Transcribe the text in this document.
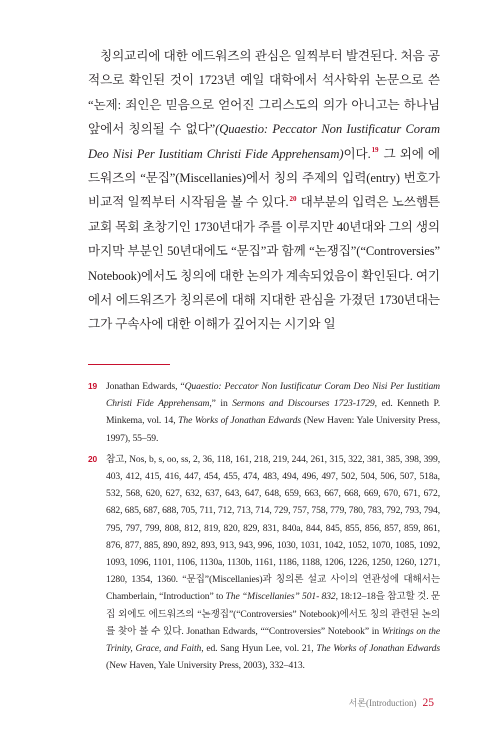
칭의교리에 대한 에드워즈의 관심은 일찍부터 발견된다. 처음 공적으로 확인된 것이 1723년 예일 대학에서 석사학위 논문으로 쓴 “논제: 죄인은 믿음으로 얻어진 그리스도의 의가 아니고는 하나님 앞에서 칭의될 수 없다”(Quaestio: Peccator Non Iustificatur Coram Deo Nisi Per Iustitiam Christi Fide Apprehensam)이다.$^{19}$ 그 외에 에드워즈의 “문집”(Miscellanies)에서 칭의 주제의 입력(entry) 번호가 비교적 일찍부터 시작됨을 볼 수 있다.$^{20}$ 대부분의 입력은 노쓰햄튼 교회 목회 초창기인 1730년대가 주를 이루지만 40년대와 그의 생의 마지막 부분인 50년대에도 “문집”과 함께 “논쟁집”(“Controversies” Notebook)에서도 칭의에 대한 논의가 계속되었음이 확인된다. 여기에서 에드워즈가 칭의론에 대해 지대한 관심을 가졌던 1730년대는 그가 구속사에 대한 이해가 깊어지는 시기와 일

19 Jonathan Edwards, “Quaestio: Peccator Non Iustificatur Coram Deo Nisi Per Iustitiam Christi Fide Apprehensam,” in Sermons and Discourses 1723-1729, ed. Kenneth P. Minkema, vol. 14, The Works of Jonathan Edwards (New Haven: Yale University Press, 1997), 55–59.
20 참고, Nos, b, s, oo, ss, 2, 36, 118, 161, 218, 219, 244, 261, 315, 322, 381, 385, 398, 399, 403, 412, 415, 416, 447, 454, 455, 474, 483, 494, 496, 497, 502, 504, 506, 507, 518a, 532, 568, 620, 627, 632, 637, 643, 647, 648, 659, 663, 667, 668, 669, 670, 671, 672, 682, 685, 687, 688, 705, 711, 712, 713, 714, 729, 757, 758, 779, 780, 783, 792, 793, 794, 795, 797, 799, 808, 812, 819, 820, 829, 831, 840a, 844, 845, 855, 856, 857, 859, 861, 876, 877, 885, 890, 892, 893, 913, 943, 996, 1030, 1031, 1042, 1052, 1070, 1085, 1092, 1093, 1096, 1101, 1106, 1130a, 1130b, 1161, 1186, 1188, 1206, 1226, 1250, 1260, 1271, 1280, 1354, 1360. “문집”(Miscellanies)과 칭의론 설교 사이의 연관성에 대해서는 Chamberlain, “Introduction” to The “Miscellanies” 501- 832, 18:12–18을 참고할 것. 문집 외에도 에드워즈의 “논쟁집”(“Controversies” Notebook)에서도 칭의 관련된 논의를 찾아 볼 수 있다. Jonathan Edwards, ““Controversies” Notebook” in Writings on the Trinity, Grace, and Faith, ed. Sang Hyun Lee, vol. 21, The Works of Jonathan Edwards (New Haven, Yale University Press, 2003), 332–413.
서론(Introduction) 25
